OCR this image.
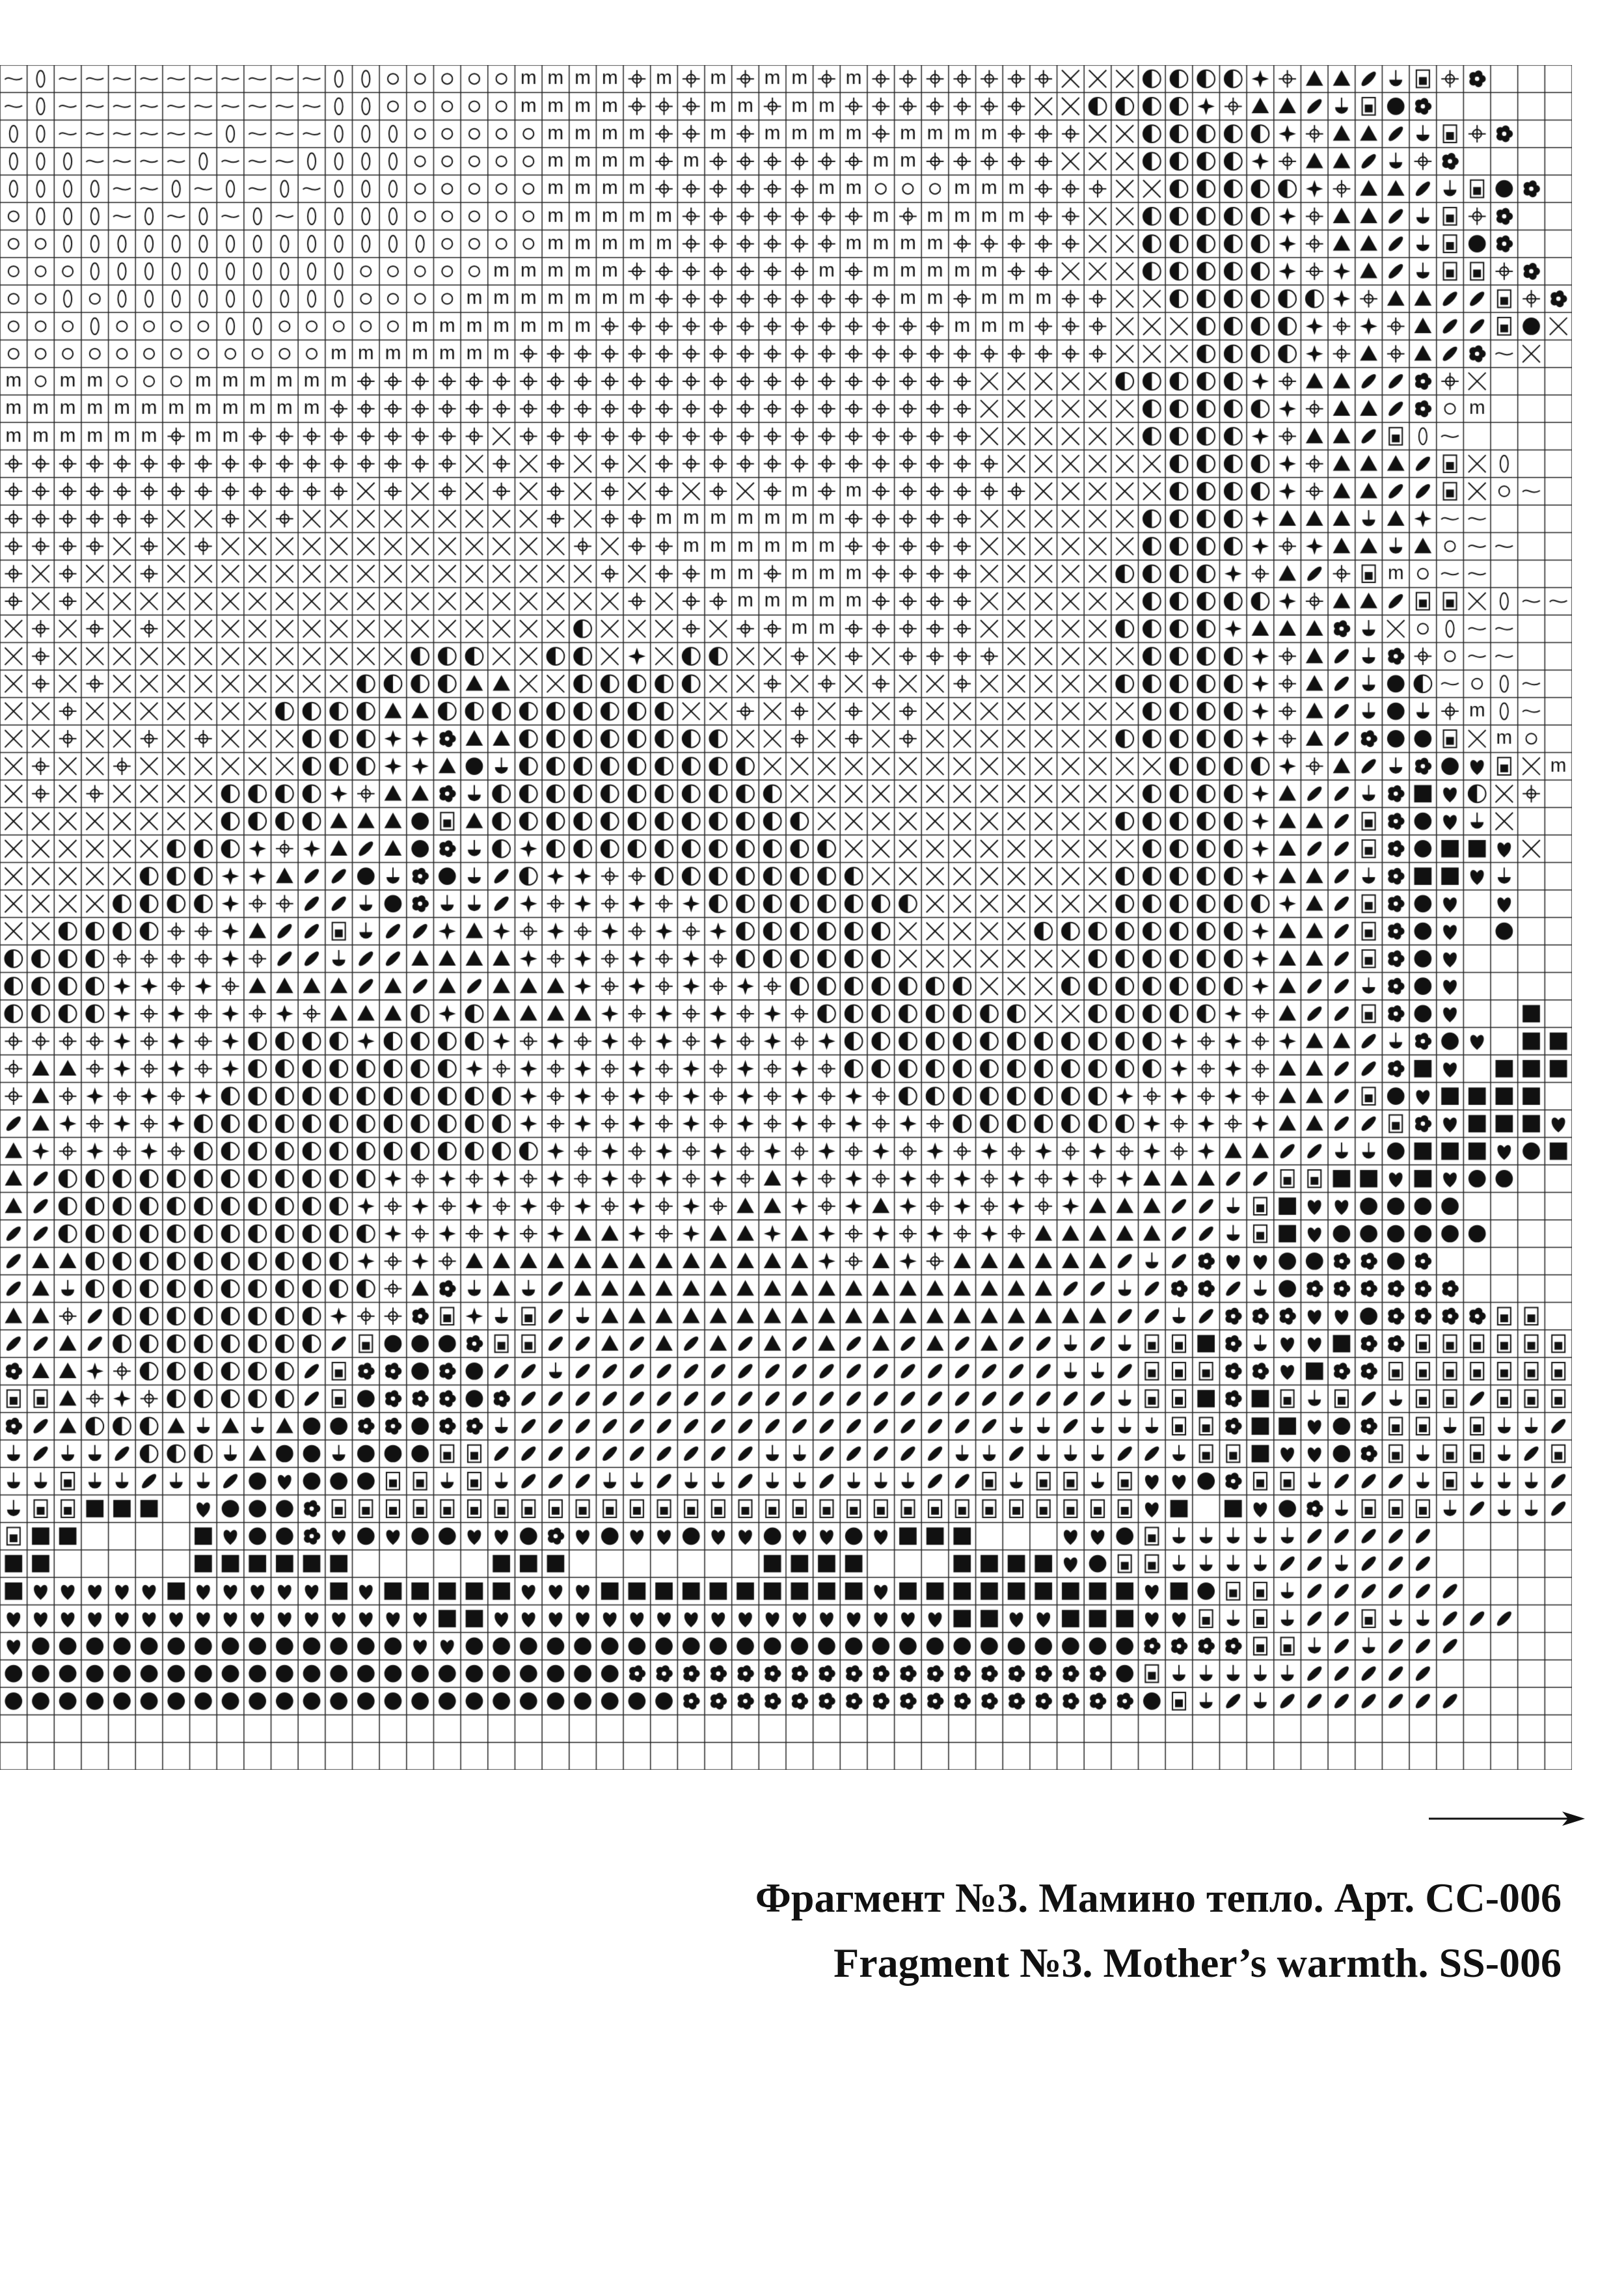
Фрагмент №3. Мамино тепло. Арт. СС-006
Fragment №3. Mother’s warmth. SS-006
